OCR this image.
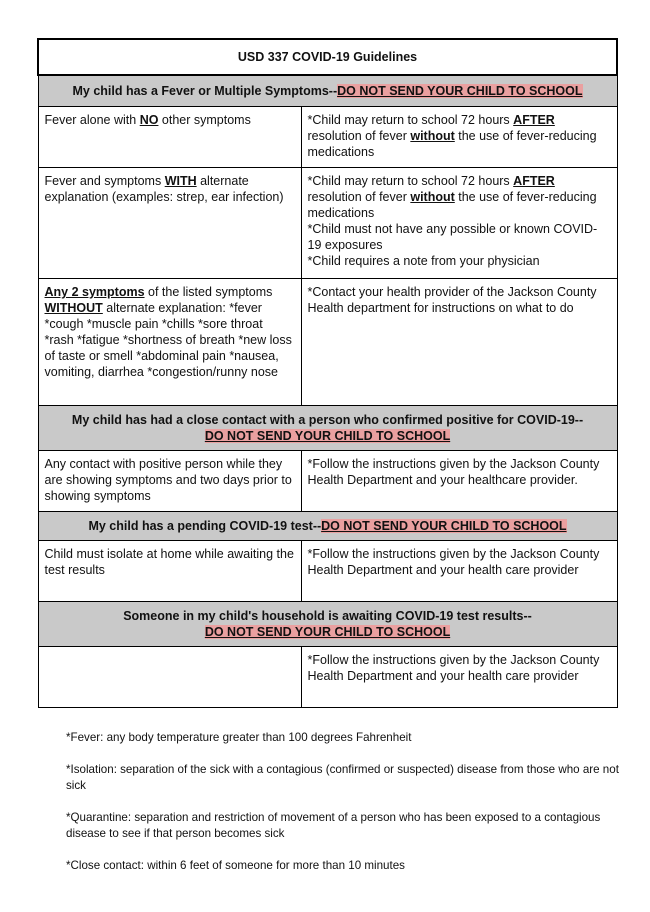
USD 337 COVID-19 Guidelines	
My child has a Fever or Multiple Symptoms--DO NOT SEND YOUR CHILD TO SCHOOL	
Fever alone with NO other symptoms	*Child may return to school 72 hours AFTER resolution of fever without the use of fever-reducing medications
Fever and symptoms WITH alternate explanation (examples: strep, ear infection)	*Child may return to school 72 hours AFTER resolution of fever without the use of fever-reducing medications
*Child must not have any possible or known COVID-19 exposures
*Child requires a note from your physician

Any 2 symptoms of the listed symptoms WITHOUT alternate explanation: *fever *cough *muscle pain *chills *sore throat *rash *fatigue *shortness of breath *new loss of taste or smell *abdominal pain *nausea, vomiting, diarrhea *congestion/runny nose	*Contact your health provider of the Jackson County Health department for instructions on what to do

My child has had a close contact with a person who confirmed positive for COVID-19--
DO NOT SEND YOUR CHILD TO SCHOOL	
Any contact with positive person while they are showing symptoms and two days prior to showing symptoms	*Follow the instructions given by the Jackson County Health Department and your healthcare provider.
My child has a pending COVID-19 test--DO NOT SEND YOUR CHILD TO SCHOOL	
Child must isolate at home while awaiting the test results	*Follow the instructions given by the Jackson County Health Department and your health care provider

Someone in my child's household is awaiting COVID-19 test results--
DO NOT SEND YOUR CHILD TO SCHOOL	
	*Follow the instructions given by the Jackson County Health Department and your health care provider

*Fever: any body temperature greater than 100 degrees Fahrenheit

*Isolation: separation of the sick with a contagious (confirmed or suspected) disease from those who are not sick

*Quarantine: separation and restriction of movement of a person who has been exposed to a contagious disease to see if that person becomes sick

*Close contact: within 6 feet of someone for more than 10 minutes
